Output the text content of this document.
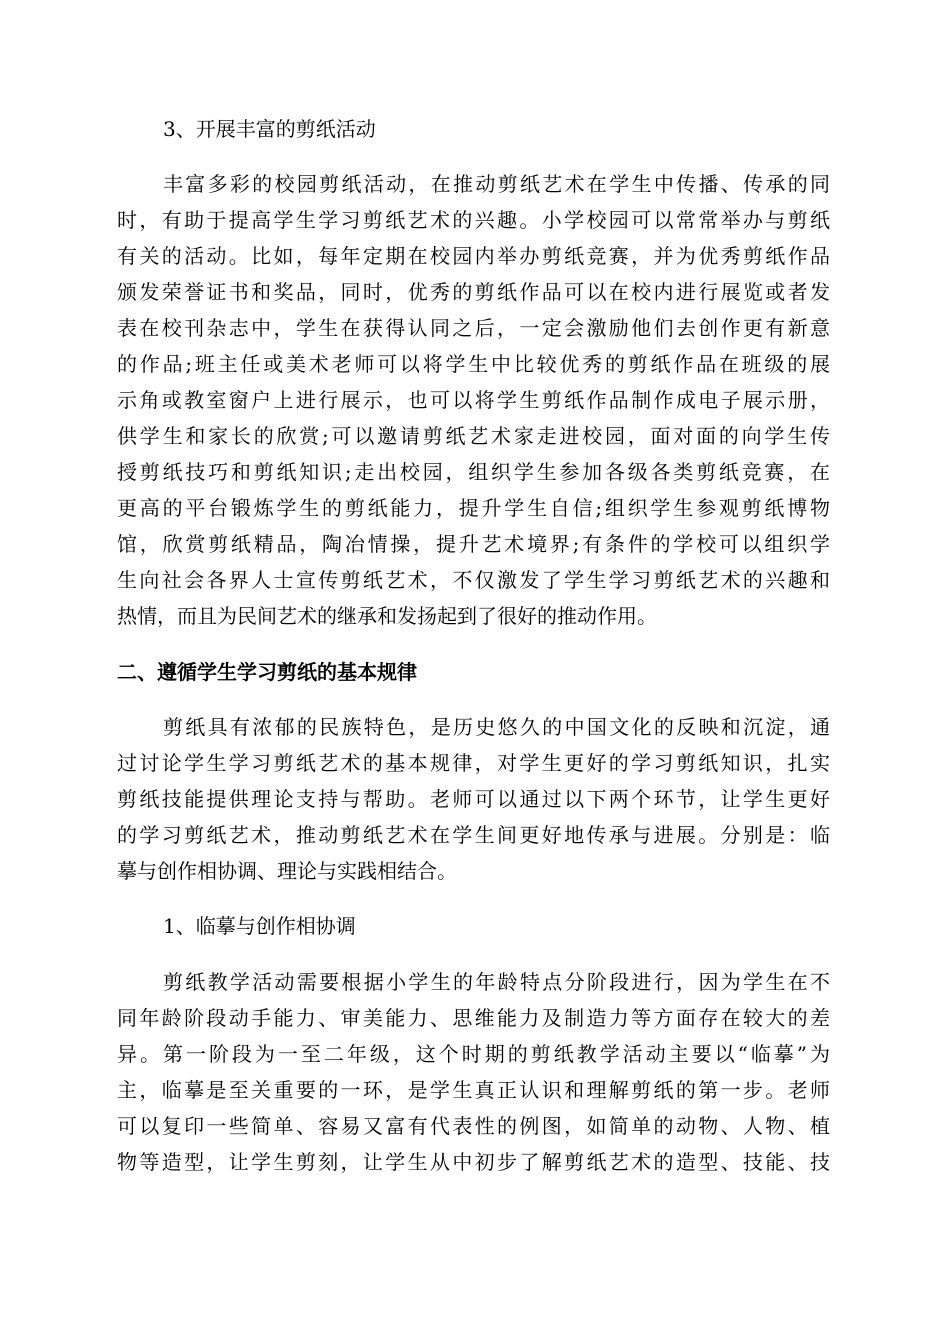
3、开展丰富的剪纸活动

丰富多彩的校园剪纸活动，在推动剪纸艺术在学生中传播、传承的同

时，有助于提高学生学习剪纸艺术的兴趣。小学校园可以常常举办与剪纸

有关的活动。比如，每年定期在校园内举办剪纸竞赛，并为优秀剪纸作品

颁发荣誉证书和奖品，同时，优秀的剪纸作品可以在校内进行展览或者发

表在校刊杂志中，学生在获得认同之后，一定会激励他们去创作更有新意

的作品;班主任或美术老师可以将学生中比较优秀的剪纸作品在班级的展

示角或教室窗户上进行展示，也可以将学生剪纸作品制作成电子展示册，

供学生和家长的欣赏;可以邀请剪纸艺术家走进校园，面对面的向学生传

授剪纸技巧和剪纸知识;走出校园，组织学生参加各级各类剪纸竞赛，在

更高的平台锻炼学生的剪纸能力，提升学生自信;组织学生参观剪纸博物

馆，欣赏剪纸精品，陶冶情操，提升艺术境界;有条件的学校可以组织学

生向社会各界人士宣传剪纸艺术，不仅激发了学生学习剪纸艺术的兴趣和

热情，而且为民间艺术的继承和发扬起到了很好的推动作用。

二、遵循学生学习剪纸的基本规律

剪纸具有浓郁的民族特色，是历史悠久的中国文化的反映和沉淀，通

过讨论学生学习剪纸艺术的基本规律，对学生更好的学习剪纸知识，扎实

剪纸技能提供理论支持与帮助。老师可以通过以下两个环节，让学生更好

的学习剪纸艺术，推动剪纸艺术在学生间更好地传承与进展。分别是：临

摹与创作相协调、理论与实践相结合。

1、临摹与创作相协调

剪纸教学活动需要根据小学生的年龄特点分阶段进行，因为学生在不

同年龄阶段动手能力、审美能力、思维能力及制造力等方面存在较大的差

异。第一阶段为一至二年级，这个时期的剪纸教学活动主要以“临摹”为

主，临摹是至关重要的一环，是学生真正认识和理解剪纸的第一步。老师

可以复印一些简单、容易又富有代表性的例图，如简单的动物、人物、植

物等造型，让学生剪刻，让学生从中初步了解剪纸艺术的造型、技能、技
